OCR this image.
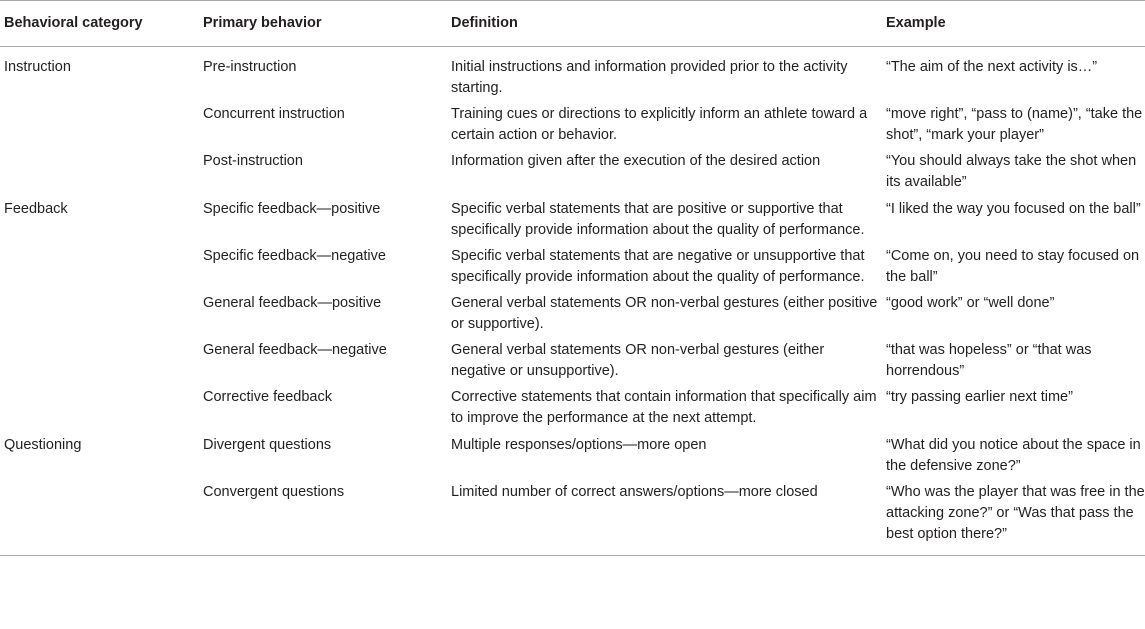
Behavioral category	Primary behavior	Definition	Example
Instruction	Pre-instruction	Initial instructions and information provided prior to the activity starting.	“The aim of the next activity is…”
	Concurrent instruction	Training cues or directions to explicitly inform an athlete toward a certain action or behavior.	“move right”, “pass to (name)”, “take the shot”, “mark your player”
	Post-instruction	Information given after the execution of the desired action	“You should always take the shot when its available”
Feedback	Specific feedback—positive	Specific verbal statements that are positive or supportive that specifically provide information about the quality of performance.	“I liked the way you focused on the ball”
	Specific feedback—negative	Specific verbal statements that are negative or unsupportive that specifically provide information about the quality of performance.	“Come on, you need to stay focused on the ball”
	General feedback—positive	General verbal statements OR non-verbal gestures (either positive or supportive).	“good work” or “well done”
	General feedback—negative	General verbal statements OR non-verbal gestures (either negative or unsupportive).	“that was hopeless” or “that was horrendous”
	Corrective feedback	Corrective statements that contain information that specifically aim to improve the performance at the next attempt.	“try passing earlier next time”
Questioning	Divergent questions	Multiple responses/options—more open	“What did you notice about the space in the defensive zone?”
	Convergent questions	Limited number of correct answers/options—more closed	“Who was the player that was free in the attacking zone?” or “Was that pass the best option there?”
